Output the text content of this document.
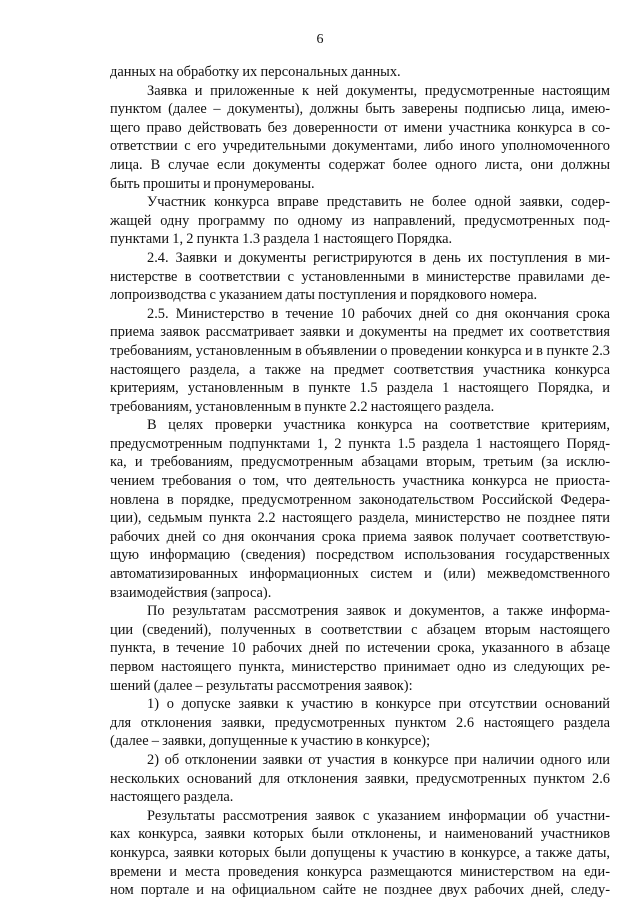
6
данных на обработку их персональных данных.
Заявка и приложенные к ней документы, предусмотренные настоящим
пунктом (далее – документы), должны быть заверены подписью лица, имею-
щего право действовать без доверенности от имени участника конкурса в со-
ответствии с его учредительными документами, либо иного уполномоченного
лица. В случае если документы содержат более одного листа, они должны
быть прошиты и пронумерованы.
Участник конкурса вправе представить не более одной заявки, содер-
жащей одну программу по одному из направлений, предусмотренных под-
пунктами 1, 2 пункта 1.3 раздела 1 настоящего Порядка.
2.4. Заявки и документы регистрируются в день их поступления в ми-
нистерстве в соответствии с установленными в министерстве правилами де-
лопроизводства с указанием даты поступления и порядкового номера.
2.5. Министерство в течение 10 рабочих дней со дня окончания срока
приема заявок рассматривает заявки и документы на предмет их соответствия
требованиям, установленным в объявлении о проведении конкурса и в пункте 2.3
настоящего раздела, а также на предмет соответствия участника конкурса
критериям, установленным в пункте 1.5 раздела 1 настоящего Порядка, и
требованиям, установленным в пункте 2.2 настоящего раздела.
В целях проверки участника конкурса на соответствие критериям,
предусмотренным подпунктами 1, 2 пункта 1.5 раздела 1 настоящего Поряд-
ка, и требованиям, предусмотренным абзацами вторым, третьим (за исклю-
чением требования о том, что деятельность участника конкурса не приоста-
новлена в порядке, предусмотренном законодательством Российской Федера-
ции), седьмым пункта 2.2 настоящего раздела, министерство не позднее пяти
рабочих дней со дня окончания срока приема заявок получает соответствую-
щую информацию (сведения) посредством использования государственных
автоматизированных информационных систем и (или) межведомственного
взаимодействия (запроса).
По результатам рассмотрения заявок и документов, а также информа-
ции (сведений), полученных в соответствии с абзацем вторым настоящего
пункта, в течение 10 рабочих дней по истечении срока, указанного в абзаце
первом настоящего пункта, министерство принимает одно из следующих ре-
шений (далее – результаты рассмотрения заявок):
1) о допуске заявки к участию в конкурсе при отсутствии оснований
для отклонения заявки, предусмотренных пунктом 2.6 настоящего раздела
(далее – заявки, допущенные к участию в конкурсе);
2) об отклонении заявки от участия в конкурсе при наличии одного или
нескольких оснований для отклонения заявки, предусмотренных пунктом 2.6
настоящего раздела.
Результаты рассмотрения заявок с указанием информации об участни-
ках конкурса, заявки которых были отклонены, и наименований участников
конкурса, заявки которых были допущены к участию в конкурсе, а также даты,
времени и места проведения конкурса размещаются министерством на еди-
ном портале и на официальном сайте не позднее двух рабочих дней, следу-
